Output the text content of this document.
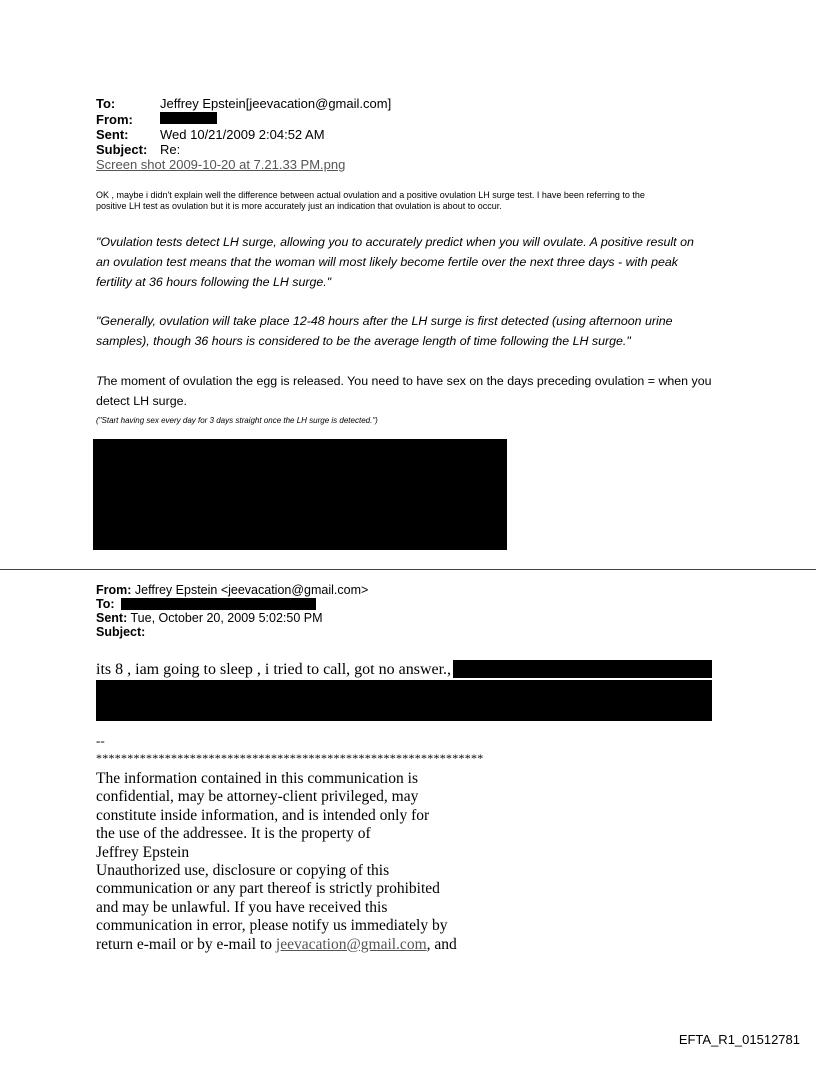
To:	Jeffrey Epstein[jeevacation@gmail.com]
From:
Sent: Wed 10/21/2009 2:04:52 AM
Subject: Re:
Screen shot 2009-10-20 at 7.21.33 PM.png
OK , maybe i didn't explain well the difference between actual ovulation and a positive ovulation LH surge test. I have been referring to the
positive LH test as ovulation but it is more accurately just an indication that ovulation is about to occur.
"Ovulation tests detect LH surge, allowing you to accurately predict when you will ovulate. A positive result on
an ovulation test means that the woman will most likely become fertile over the next three days - with peak
fertility at 36 hours following the LH surge."
"Generally, ovulation will take place 12-48 hours after the LH surge is first detected (using afternoon urine
samples), though 36 hours is considered to be the average length of time following the LH surge."
The moment of ovulation the egg is released. You need to have sex on the days preceding ovulation = when you
detect LH surge.
("Start having sex every day for 3 days straight once the LH surge is detected.")
From: Jeffrey Epstein <jeevacation@gmail.com>
To:
Sent: Tue, October 20, 2009 5:02:50 PM
Subject:
its 8 , iam going to sleep , i tried to call, got no answer.,
--
**************************************************************
The information contained in this communication is
confidential, may be attorney-client privileged, may
constitute inside information, and is intended only for
the use of the addressee. It is the property of
Jeffrey Epstein
Unauthorized use, disclosure or copying of this
communication or any part thereof is strictly prohibited
and may be unlawful. If you have received this
communication in error, please notify us immediately by
return e-mail or by e-mail to jeevacation@gmail.com, and
EFTA_R1_01512781
